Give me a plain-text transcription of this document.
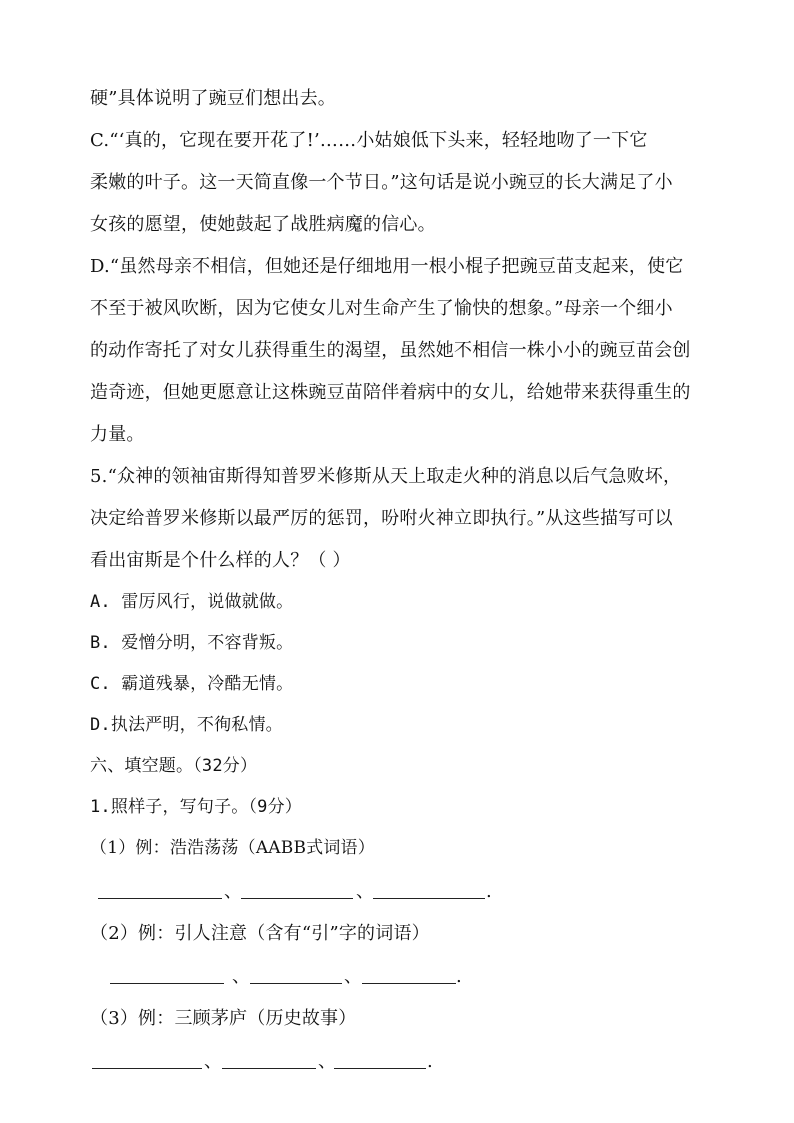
硬”具体说明了豌豆们想出去。
C.“‘真的，它现在要开花了!’……小姑娘低下头来，轻轻地吻了一下它
柔嫩的叶子。这一天简直像一个节日。”这句话是说小豌豆的长大满足了小
女孩的愿望，使她鼓起了战胜病魔的信心。
D.“虽然母亲不相信，但她还是仔细地用一根小棍子把豌豆苗支起来，使它
不至于被风吹断，因为它使女儿对生命产生了愉快的想象。”母亲一个细小
的动作寄托了对女儿获得重生的渴望，虽然她不相信一株小小的豌豆苗会创
造奇迹，但她更愿意让这株豌豆苗陪伴着病中的女儿，给她带来获得重生的
力量。
5.“众神的领袖宙斯得知普罗米修斯从天上取走火种的消息以后气急败坏，
决定给普罗米修斯以最严厉的惩罚，吩咐火神立即执行。”从这些描写可以
看出宙斯是个什么样的人？（ ）
A. 雷厉风行，说做就做。
B. 爱憎分明，不容背叛。
C. 霸道残暴，冷酷无情。
D.执法严明，不徇私情。
六、填空题。（32分）
1.照样子，写句子。（9分）
（1）例：浩浩荡荡（AABB式词语）
、	、	.
（2）例：引人注意（含有“引”字的词语）
、	、	.
（3）例：三顾茅庐（历史故事）
、	、	.
